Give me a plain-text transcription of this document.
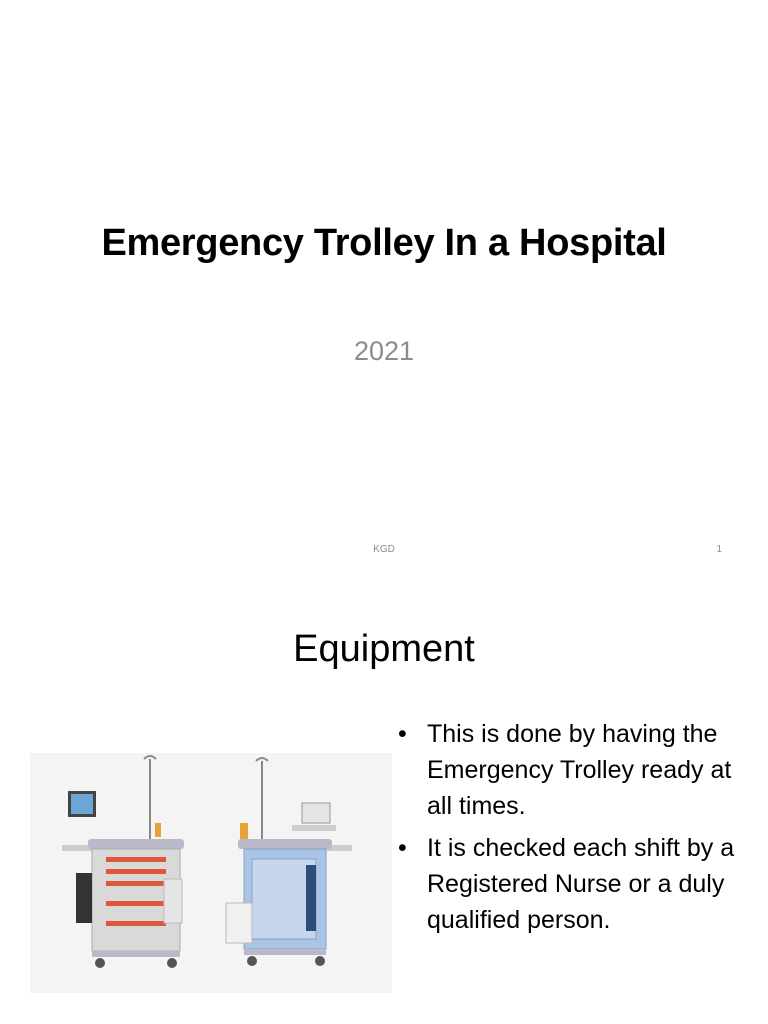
Emergency Trolley In a Hospital
2021
KGD	1
Equipment
• This is done by having the Emergency Trolley ready at all times.
• It is checked each shift by a Registered Nurse or a duly qualified person.
